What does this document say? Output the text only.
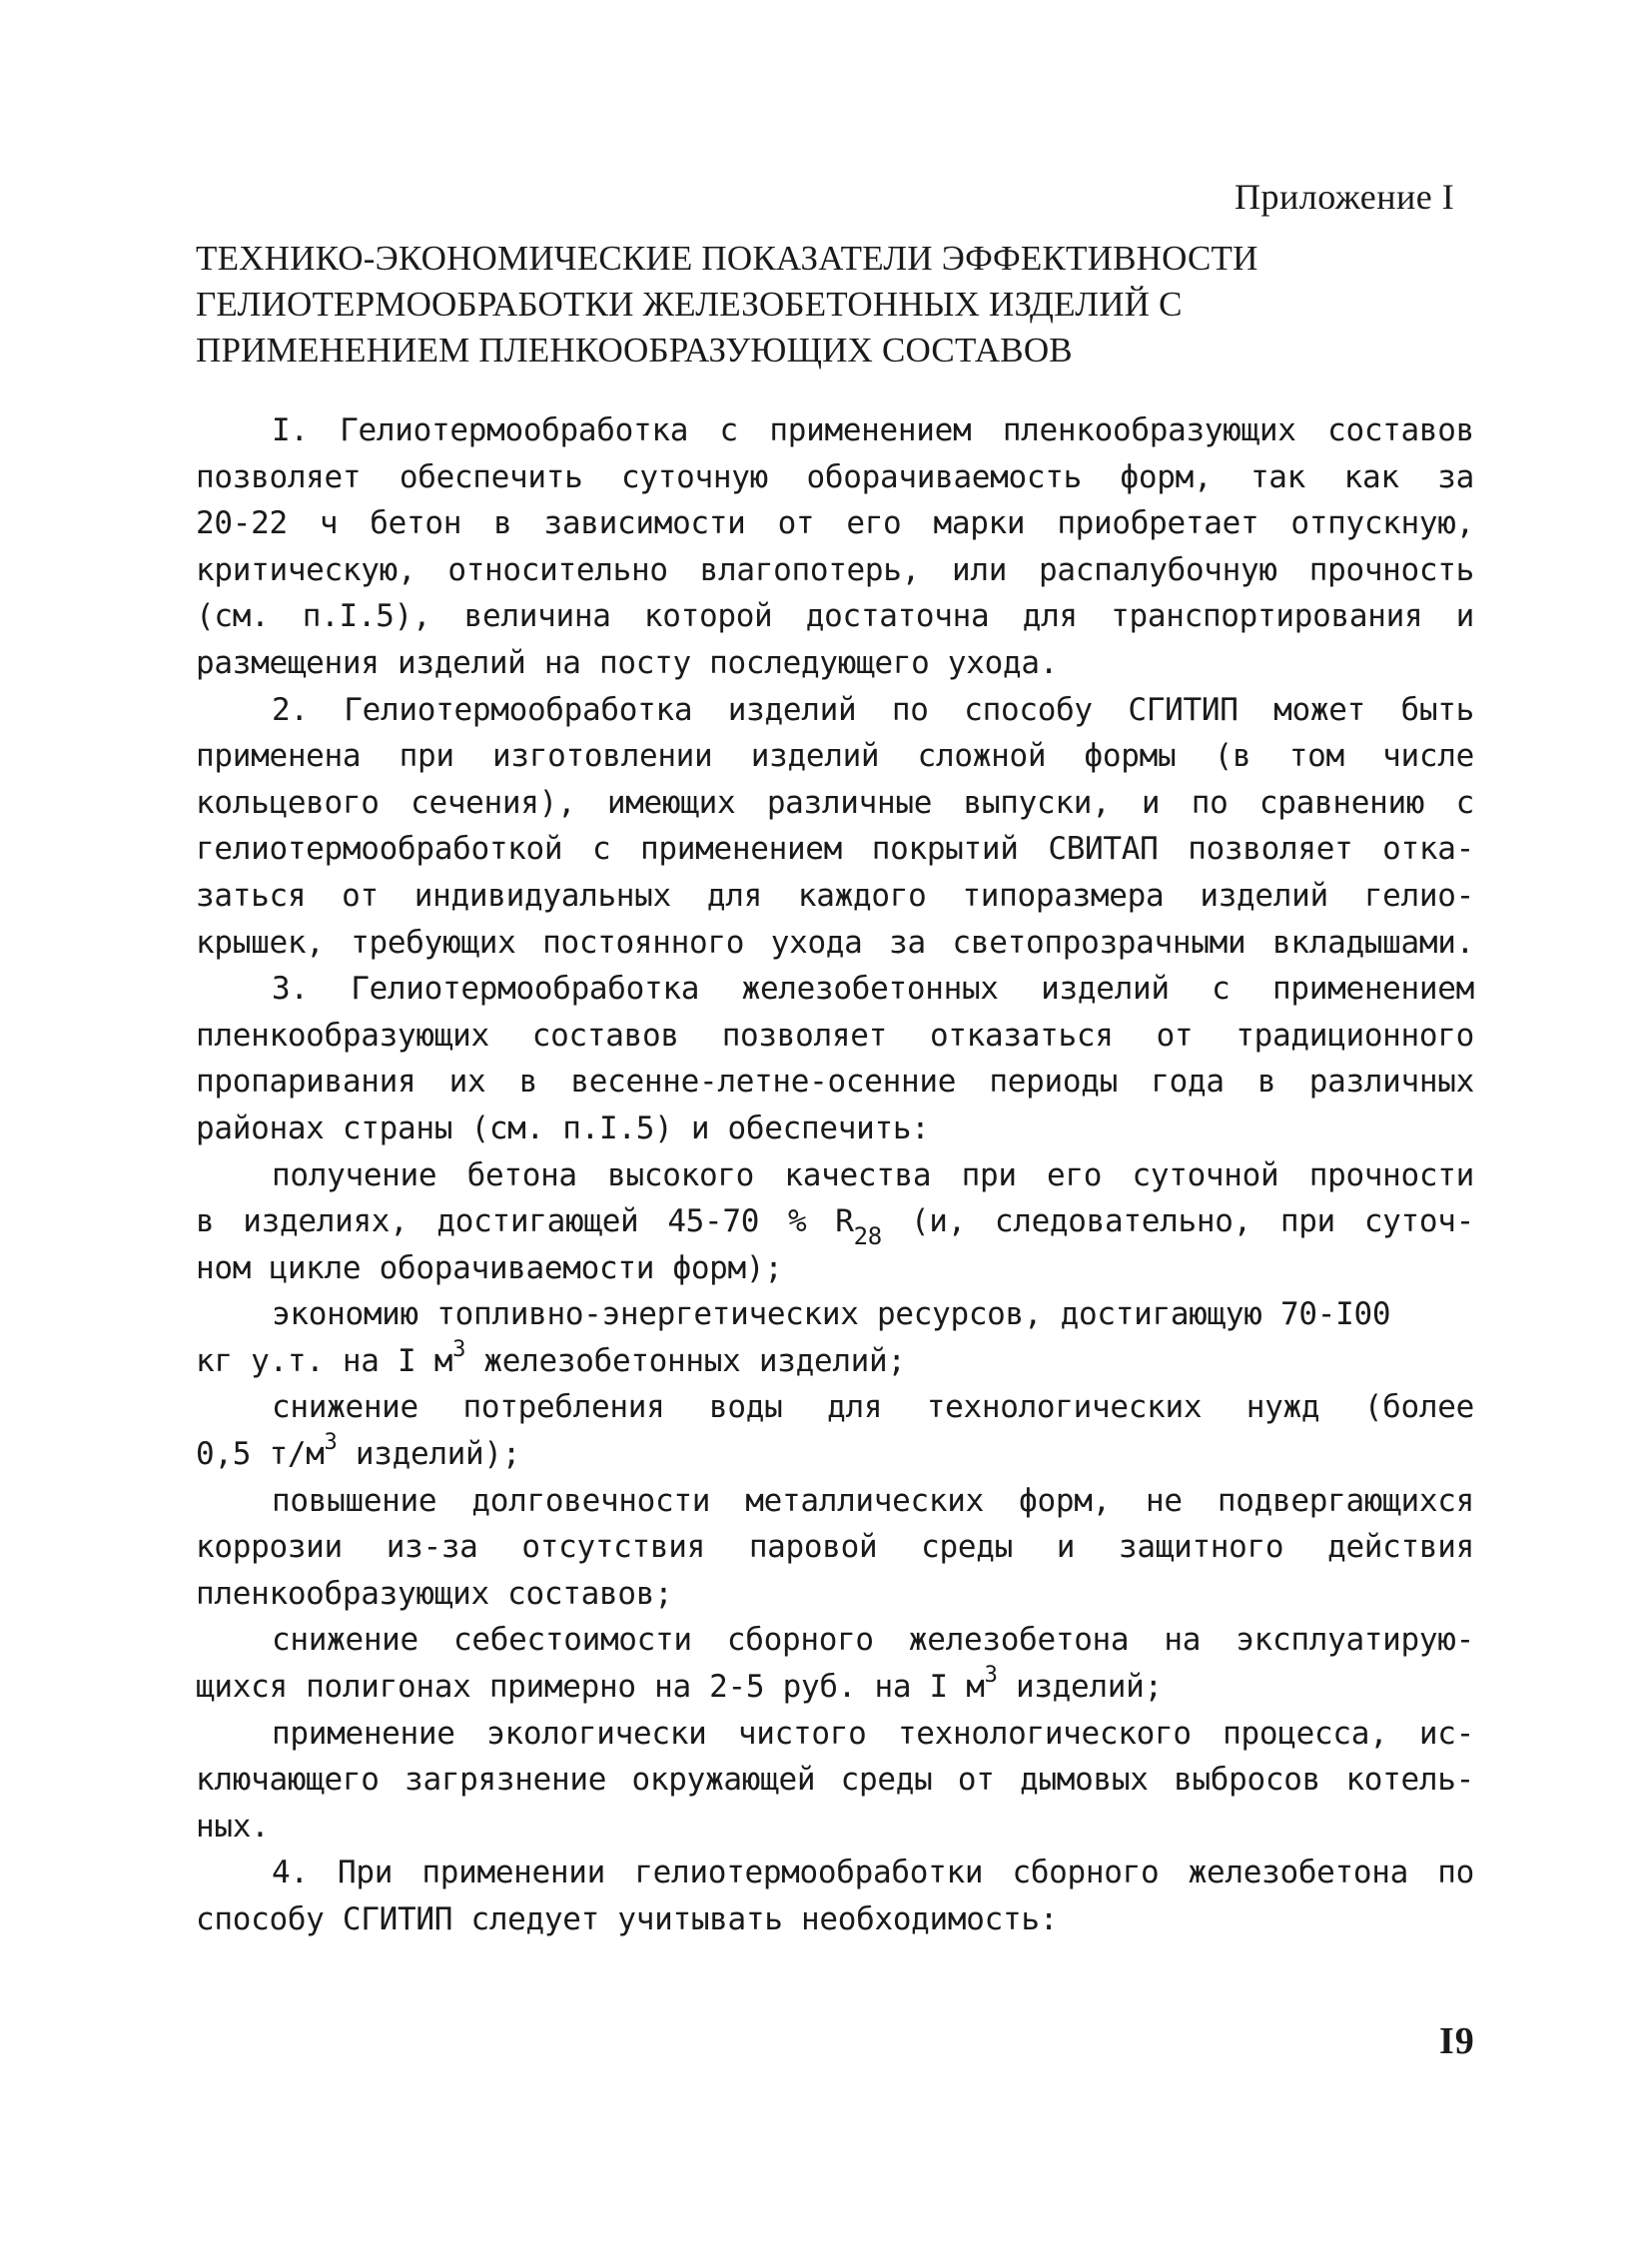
Приложение I
ТЕХНИКО-ЭКОНОМИЧЕСКИЕ ПОКАЗАТЕЛИ ЭФФЕКТИВНОСТИ
ГЕЛИОТЕРМООБРАБОТКИ ЖЕЛЕЗОБЕТОННЫХ ИЗДЕЛИЙ С
ПРИМЕНЕНИЕМ ПЛЕНКООБРАЗУЮЩИХ СОСТАВОВ
I. Гелиотермообработка с применением пленкообразующих составов
позволяет обеспечить суточную оборачиваемость форм, так как за
20-22 ч бетон в зависимости от его марки приобретает отпускную,
критическую, относительно влагопотерь, или распалубочную прочность
(см. п.I.5), величина которой достаточна для транспортирования и
размещения изделий на посту последующего ухода.
2. Гелиотермообработка изделий по способу СГИТИП может быть
применена при изготовлении изделий сложной формы (в том числе
кольцевого сечения), имеющих различные выпуски, и по сравнению с
гелиотермообработкой с применением покрытий СВИТАП позволяет отка-
заться от индивидуальных для каждого типоразмера изделий гелио-
крышек, требующих постоянного ухода за светопрозрачными вкладышами.
3. Гелиотермообработка железобетонных изделий с применением
пленкообразующих составов позволяет отказаться от традиционного
пропаривания их в весенне-летне-осенние периоды года в различных
районах страны (см. п.I.5) и обеспечить:
получение бетона высокого качества при его суточной прочности
в изделиях, достигающей 45-70 % $R_{28}$ (и, следовательно, при суточ-
ном цикле оборачиваемости форм);
экономию топливно-энергетических ресурсов, достигающую 70-I00
кг у.т. на I $м^3$ железобетонных изделий;
снижение потребления воды для технологических нужд (более
0,5 $т/м^3$ изделий);
повышение долговечности металлических форм, не подвергающихся
коррозии из-за отсутствия паровой среды и защитного действия
пленкообразующих составов;
снижение себестоимости сборного железобетона на эксплуатирую-
щихся полигонах примерно на 2-5 руб. на I $м^3$ изделий;
применение экологически чистого технологического процесса, ис-
ключающего загрязнение окружающей среды от дымовых выбросов котель-
ных.
4. При применении гелиотермообработки сборного железобетона по
способу СГИТИП следует учитывать необходимость:
I9
